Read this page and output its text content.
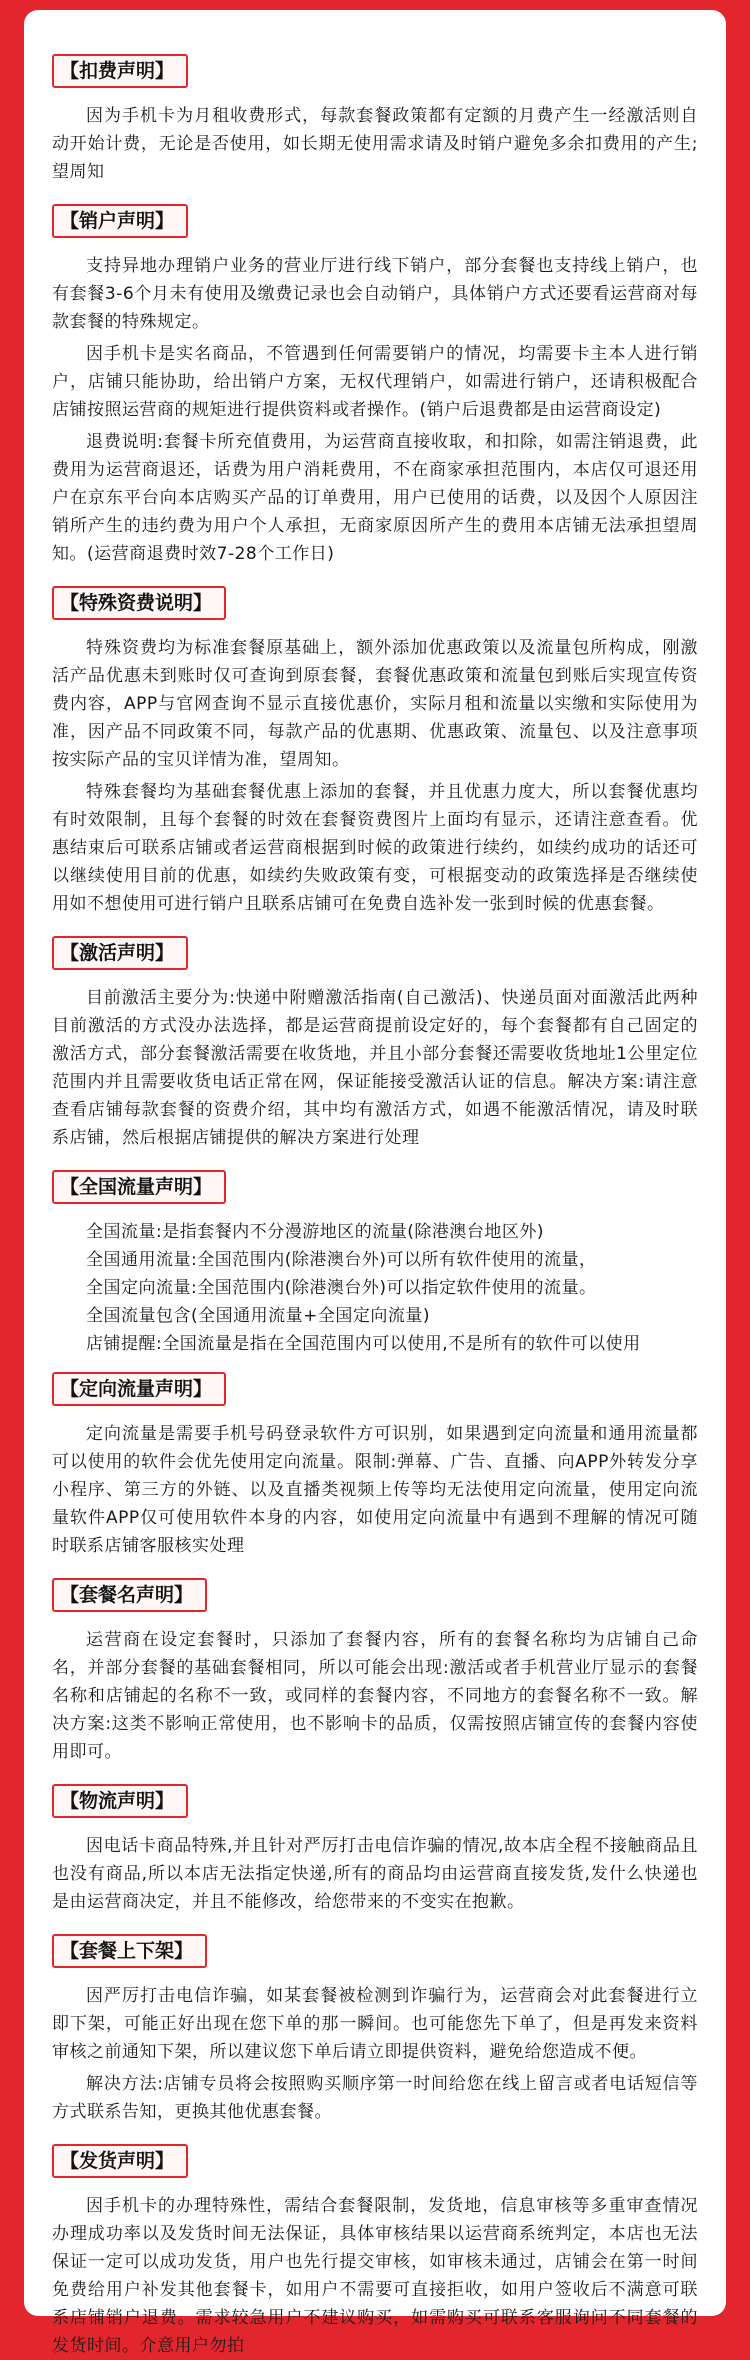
【扣费声明】

因为手机卡为月租收费形式，每款套餐政策都有定额的月费产生一经激活则自动开始计费，无论是否使用，如长期无使用需求请及时销户避免多余扣费用的产生;望周知

【销户声明】

支持异地办理销户业务的营业厅进行线下销户，部分套餐也支持线上销户，也有套餐3-6个月未有使用及缴费记录也会自动销户，具体销户方式还要看运营商对每款套餐的特殊规定。

因手机卡是实名商品，不管遇到任何需要销户的情况，均需要卡主本人进行销户，店铺只能协助，给出销户方案，无权代理销户，如需进行销户，还请积极配合店铺按照运营商的规矩进行提供资料或者操作。(销户后退费都是由运营商设定)

退费说明:套餐卡所充值费用，为运营商直接收取，和扣除，如需注销退费，此费用为运营商退还，话费为用户消耗费用，不在商家承担范围内，本店仅可退还用户在京东平台向本店购买产品的订单费用，用户已使用的话费，以及因个人原因注销所产生的违约费为用户个人承担，无商家原因所产生的费用本店铺无法承担望周知。(运营商退费时效7-28个工作日)

【特殊资费说明】

特殊资费均为标准套餐原基础上，额外添加优惠政策以及流量包所构成，刚激活产品优惠未到账时仅可查询到原套餐，套餐优惠政策和流量包到账后实现宣传资费内容，APP与官网查询不显示直接优惠价，实际月租和流量以实缴和实际使用为准，因产品不同政策不同，每款产品的优惠期、优惠政策、流量包、以及注意事项按实际产品的宝贝详情为准，望周知。

特殊套餐均为基础套餐优惠上添加的套餐，并且优惠力度大，所以套餐优惠均有时效限制，且每个套餐的时效在套餐资费图片上面均有显示，还请注意查看。优惠结束后可联系店铺或者运营商根据到时候的政策进行续约，如续约成功的话还可以继续使用目前的优惠，如续约失败政策有变，可根据变动的政策选择是否继续使用如不想使用可进行销户且联系店铺可在免费自选补发一张到时候的优惠套餐。

【激活声明】

目前激活主要分为:快递中附赠激活指南(自己激活)、快递员面对面激活此两种目前激活的方式没办法选择，都是运营商提前设定好的，每个套餐都有自己固定的激活方式，部分套餐激活需要在收货地，并且小部分套餐还需要收货地址1公里定位范围内并且需要收货电话正常在网，保证能接受激活认证的信息。解决方案:请注意查看店铺每款套餐的资费介绍，其中均有激活方式，如遇不能激活情况，请及时联系店铺，然后根据店铺提供的解决方案进行处理

【全国流量声明】

全国流量:是指套餐内不分漫游地区的流量(除港澳台地区外)

全国通用流量:全国范围内(除港澳台外)可以所有软件使用的流量，

全国定向流量:全国范围内(除港澳台外)可以指定软件使用的流量。

全国流量包含(全国通用流量+全国定向流量)

店铺提醒:全国流量是指在全国范围内可以使用,不是所有的软件可以使用

【定向流量声明】

定向流量是需要手机号码登录软件方可识别，如果遇到定向流量和通用流量都可以使用的软件会优先使用定向流量。限制:弹幕、广告、直播、向APP外转发分享小程序、第三方的外链、以及直播类视频上传等均无法使用定向流量，使用定向流量软件APP仅可使用软件本身的内容，如使用定向流量中有遇到不理解的情况可随时联系店铺客服核实处理

【套餐名声明】

运营商在设定套餐时，只添加了套餐内容，所有的套餐名称均为店铺自己命名，并部分套餐的基础套餐相同，所以可能会出现:激活或者手机营业厅显示的套餐名称和店铺起的名称不一致，或同样的套餐内容，不同地方的套餐名称不一致。解决方案:这类不影响正常使用，也不影响卡的品质，仅需按照店铺宣传的套餐内容使用即可。

【物流声明】

因电话卡商品特殊,并且针对严厉打击电信诈骗的情况,故本店全程不接触商品且也没有商品,所以本店无法指定快递,所有的商品均由运营商直接发货,发什么快递也是由运营商决定，并且不能修改，给您带来的不变实在抱歉。

【套餐上下架】

因严厉打击电信诈骗，如某套餐被检测到诈骗行为，运营商会对此套餐进行立即下架，可能正好出现在您下单的那一瞬间。也可能您先下单了，但是再发来资料审核之前通知下架，所以建议您下单后请立即提供资料，避免给您造成不便。

解决方法:店铺专员将会按照购买顺序第一时间给您在线上留言或者电话短信等方式联系告知，更换其他优惠套餐。

【发货声明】

因手机卡的办理特殊性，需结合套餐限制，发货地，信息审核等多重审查情况办理成功率以及发货时间无法保证，具体审核结果以运营商系统判定，本店也无法保证一定可以成功发货，用户也先行提交审核，如审核未通过，店铺会在第一时间免费给用户补发其他套餐卡，如用户不需要可直接拒收，如用户签收后不满意可联系店铺销户退费。需求较急用户不建议购买，如需购买可联系客服询问不同套餐的发货时间。介意用户勿拍
